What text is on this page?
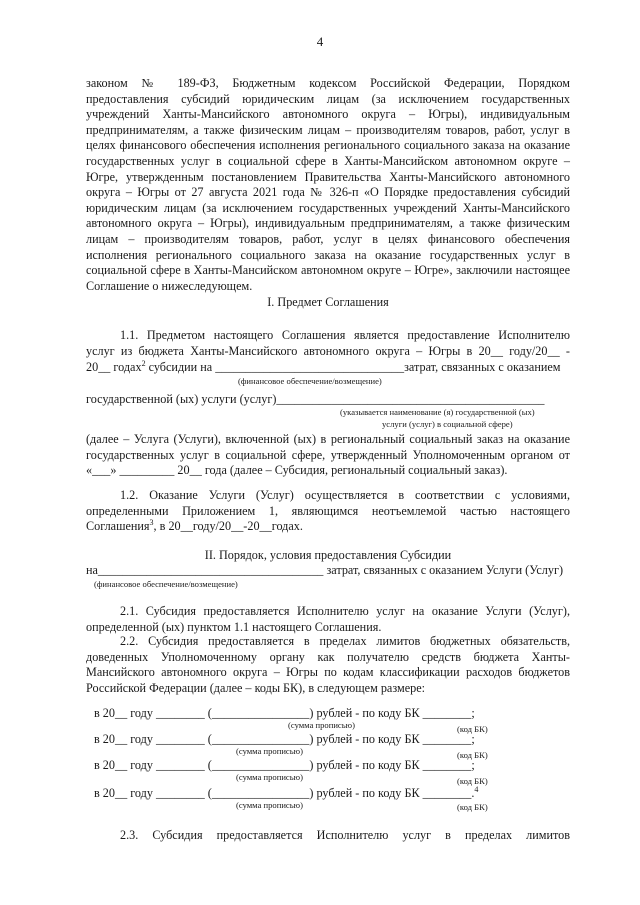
4
законом № 189-ФЗ, Бюджетным кодексом Российской Федерации, Порядком предоставления субсидий юридическим лицам (за исключением государственных учреждений Ханты-Мансийского автономного округа – Югры), индивидуальным предпринимателям, а также физическим лицам – производителям товаров, работ, услуг в целях финансового обеспечения исполнения регионального социального заказа на оказание государственных услуг в социальной сфере в Ханты-Мансийском автономном округе – Югре, утвержденным постановлением Правительства Ханты-Мансийского автономного округа – Югры от 27 августа 2021 года № 326-п «О Порядке предоставления субсидий юридическим лицам (за исключением государственных учреждений Ханты-Мансийского автономного округа – Югры), индивидуальным предпринимателям, а также физическим лицам – производителям товаров, работ, услуг в целях финансового обеспечения исполнения регионального социального заказа на оказание государственных услуг в социальной сфере в Ханты-Мансийском автономном округе – Югре», заключили настоящее Соглашение о нижеследующем.
I. Предмет Соглашения
1.1. Предметом настоящего Соглашения является предоставление Исполнителю
услуг из бюджета Ханты-Мансийского автономного округа – Югры в 20__ году/20__ -
20__ годах$^2$ субсидии на _______________________________затрат, связанных с оказанием
(финансовое обеспечение/возмещение)
государственной (ых) услуги (услуг)____________________________________________
(указывается наименование (я) государственной (ых)
услуги (услуг) в социальной сфере)
(далее – Услуга (Услуги), включенной (ых) в региональный социальный заказ на оказание государственных услуг в социальной сфере, утвержденный Уполномоченным органом от «___» _________ 20__ года (далее – Субсидия, региональный социальный заказ).
1.2. Оказание Услуги (Услуг) осуществляется в соответствии с условиями, определенными Приложением 1, являющимся неотъемлемой частью настоящего Соглашения$^3$, в 20__году/20__-20__годах.
II. Порядок, условия предоставления Субсидии
на_____________________________________ затрат, связанных с оказанием Услуги (Услуг)
(финансовое обеспечение/возмещение)
2.1. Субсидия предоставляется Исполнителю услуг на оказание Услуги (Услуг), определенной (ых) пунктом 1.1 настоящего Соглашения.
2.2. Субсидия предоставляется в пределах лимитов бюджетных обязательств, доведенных Уполномоченному органу как получателю средств бюджета Ханты-Мансийского автономного округа – Югры по кодам классификации расходов бюджетов Российской Федерации (далее – коды БК), в следующем размере:
в 20__ году ________ (________________) рублей - по коду БК ________;
(сумма прописью)	(код БК)
в 20__ году ________ (________________) рублей - по коду БК ________;
(сумма прописью)	(код БК)
в 20__ году ________ (________________) рублей - по коду БК ________;
(сумма прописью)	(код БК)
в 20__ году ________ (________________) рублей - по коду БК ________.$^4$
(сумма прописью)	(код БК)
2.3. Субсидия предоставляется Исполнителю услуг в пределах лимитов
